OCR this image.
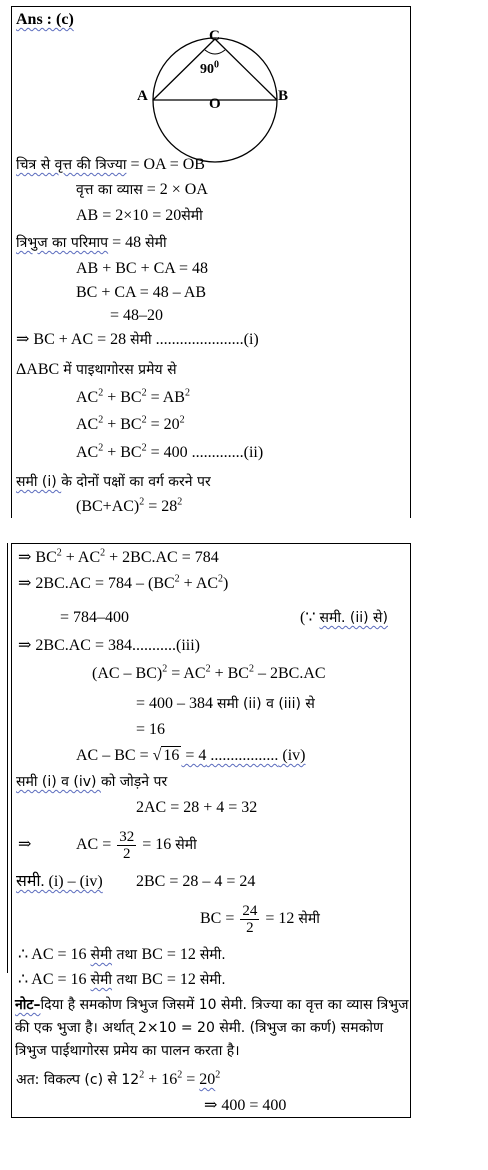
Ans : (c)
C
$90^0$
A	O	B
चित्र से वृत्त की त्रिज्या = OA = OB
वृत्त का व्यास = 2 × OA
AB = 2×10 = 20सेमी
त्रिभुज का परिमाप = 48 सेमी
AB + BC + CA = 48
BC + CA = 48 – AB
= 48–20
⇒ BC + AC = 28 सेमी ......................(i)
ΔABC में पाइथागोरस प्रमेय से
$AC^2 + BC^2 = AB^2$
$AC^2 + BC^2 = 20^2$
$AC^2 + BC^2 = 400$ .............(ii)
समी (i) के दोनों पक्षों का वर्ग करने पर
$(BC+AC)^2 = 28^2$
⇒ $BC^2 + AC^2 + 2BC.AC = 784$
⇒ $2BC.AC = 784 - (BC^2 + AC^2)$
= 784–400	(∵ समी. (ii) से)
⇒ 2BC.AC = 384...........(iii)
$(AC - BC)^2 = AC^2 + BC^2 - 2BC.AC$
= 400 – 384 समी (ii) व (iii) से
= 16
AC – BC = √ 16 = 4 ................. (iv)
समी (i) व (iv) को जोड़ने पर
2AC = 28 + 4 = 32
⇒	AC = $\frac{32}{2} = 16$ सेमी
समी. (i) – (iv) 2BC = 28 – 4 = 24
BC = $\frac{24}{2} = 12$ सेमी
∴ AC = 16 सेमी तथा BC = 12 सेमी.
∴ AC = 16 सेमी तथा BC = 12 सेमी.
नोट–दिया है समकोण त्रिभुज जिसमें 10 सेमी. त्रिज्या का वृत्त का व्यास त्रिभुज की एक भुजा है। अर्थात् 2×10 = 20 सेमी. (त्रिभुज का कर्ण) समकोण त्रिभुज पाईथागोरस प्रमेय का पालन करता है।
अत: विकल्प (c) से $12^2 + 16^2 = 20^2$
⇒ 400 = 400
